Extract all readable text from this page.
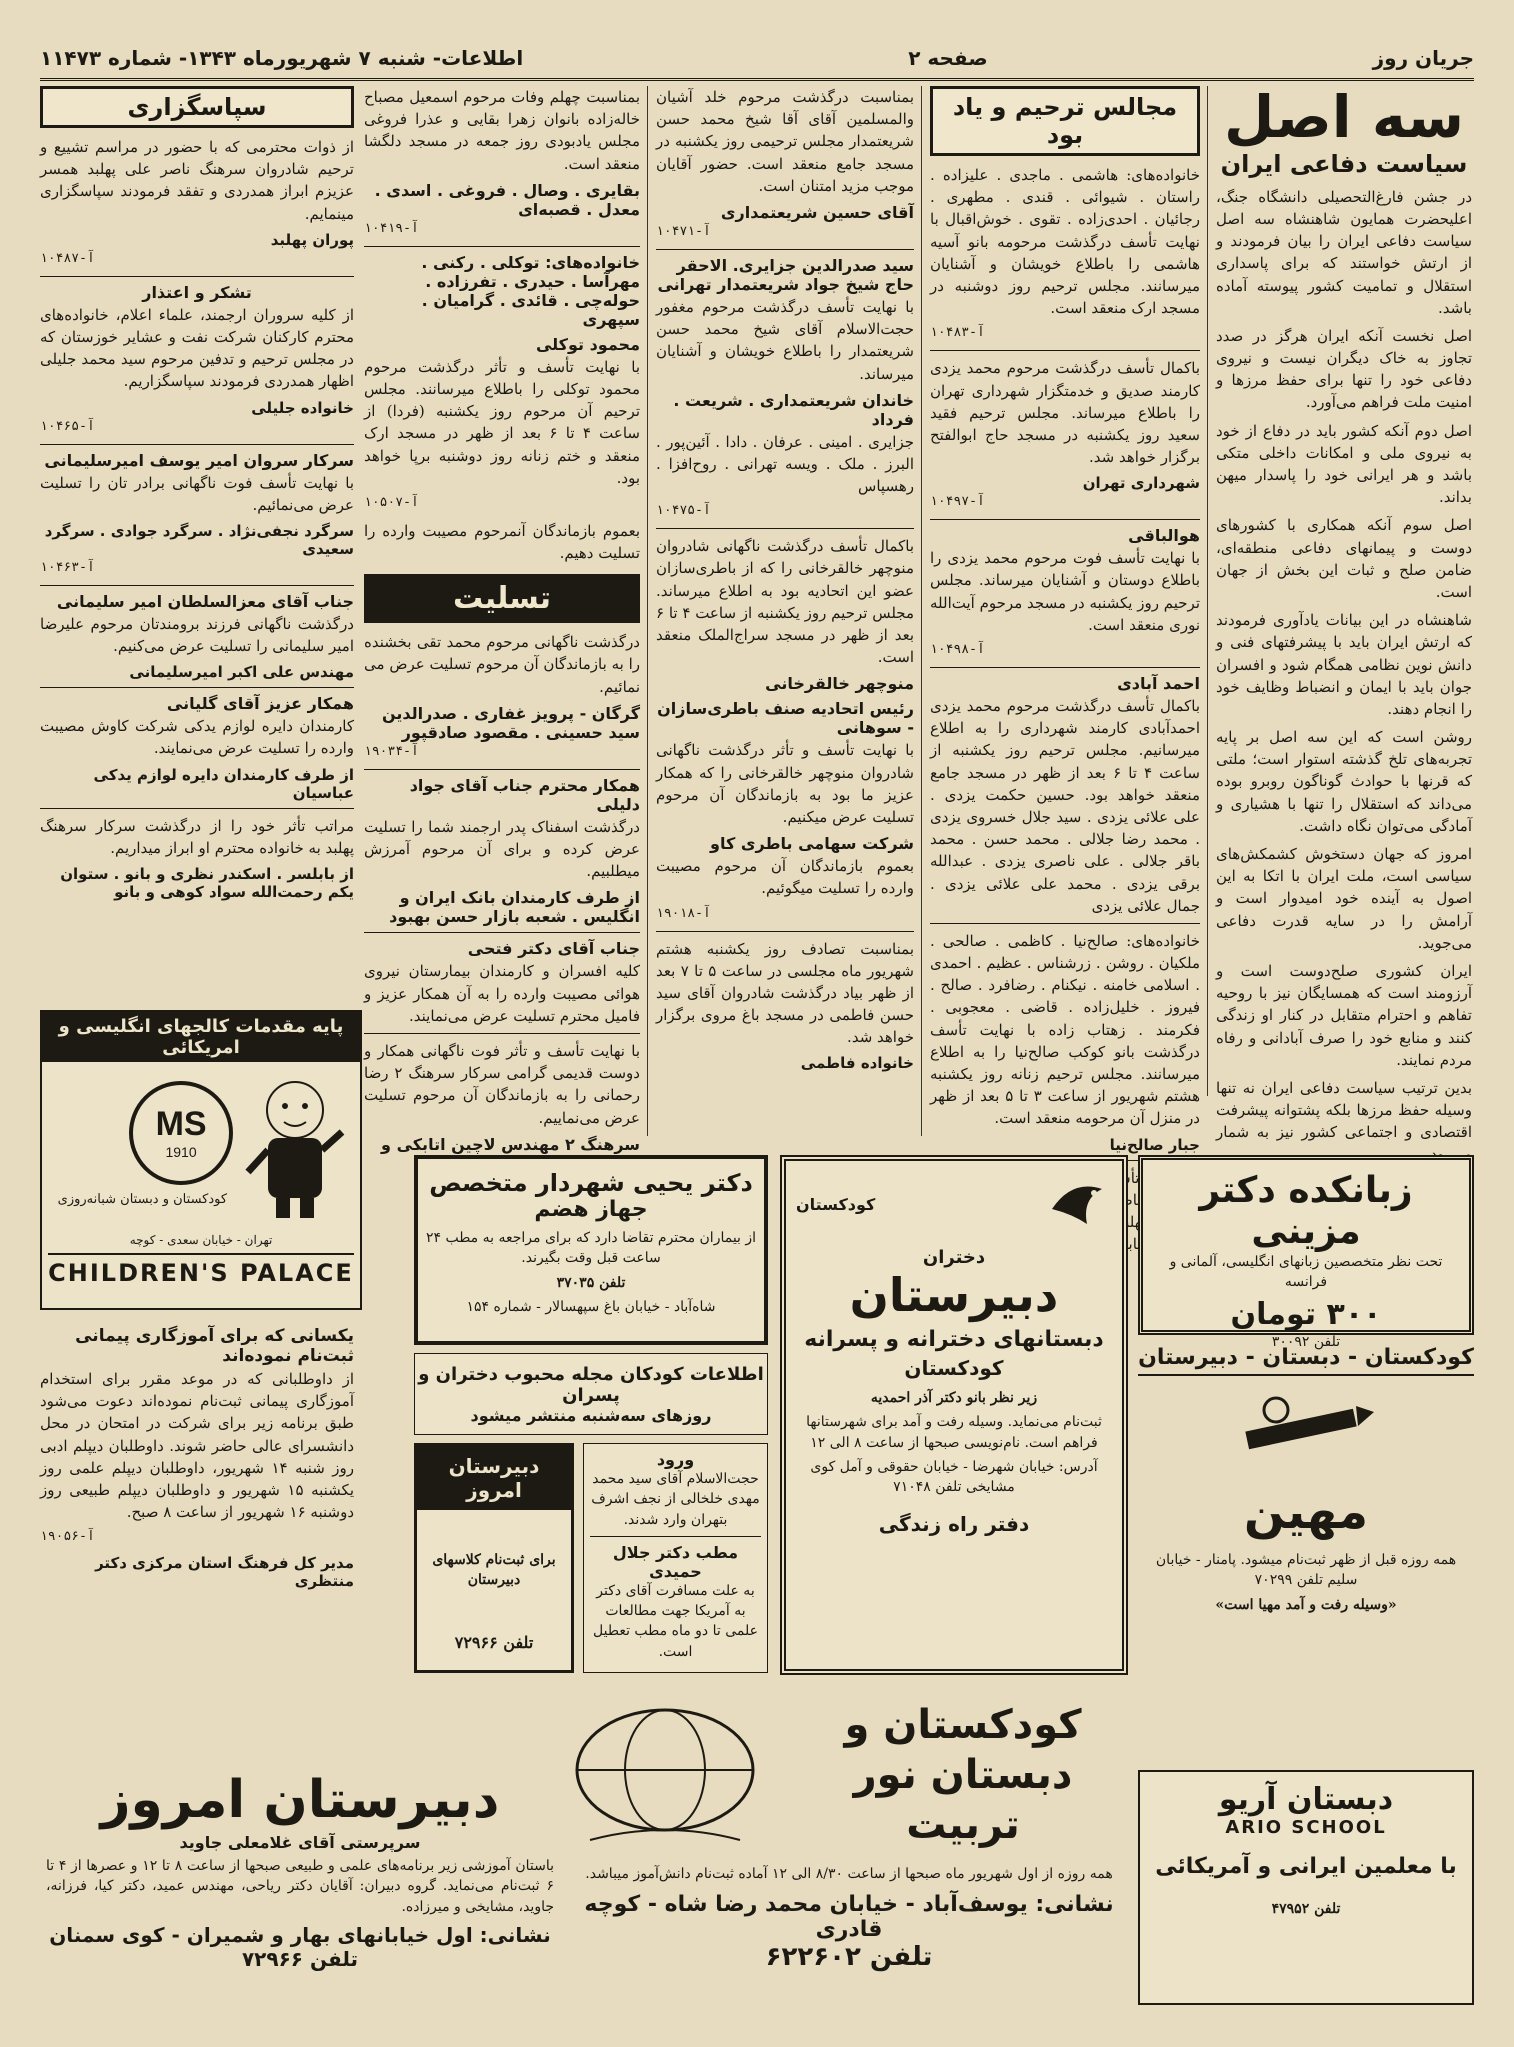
جریان روز
صفحه ۲
اطلاعات- شنبه ۷ شهریورماه ۱۳۴۳- شماره ۱۱۴۷۳
سه اصل
سیاست دفاعی ایران

در جشن فارغ‌التحصیلی دانشگاه جنگ، اعلیحضرت همایون شاهنشاه سه اصل سیاست دفاعی ایران را بیان فرمودند و از ارتش خواستند که برای پاسداری استقلال و تمامیت کشور پیوسته آماده باشد.

اصل نخست آنکه ایران هرگز در صدد تجاوز به خاک دیگران نیست و نیروی دفاعی خود را تنها برای حفظ مرزها و امنیت ملت فراهم می‌آورد.

اصل دوم آنکه کشور باید در دفاع از خود به نیروی ملی و امکانات داخلی متکی باشد و هر ایرانی خود را پاسدار میهن بداند.

اصل سوم آنکه همکاری با کشورهای دوست و پیمانهای دفاعی منطقه‌ای، ضامن صلح و ثبات این بخش از جهان است.

شاهنشاه در این بیانات یادآوری فرمودند که ارتش ایران باید با پیشرفتهای فنی و دانش نوین نظامی همگام شود و افسران جوان باید با ایمان و انضباط وظایف خود را انجام دهند.

روشن است که این سه اصل بر پایه تجربه‌های تلخ گذشته استوار است؛ ملتی که قرنها با حوادث گوناگون روبرو بوده می‌داند که استقلال را تنها با هشیاری و آمادگی می‌توان نگاه داشت.

امروز که جهان دستخوش کشمکش‌های سیاسی است، ملت ایران با اتکا به این اصول به آینده خود امیدوار است و آرامش را در سایه قدرت دفاعی می‌جوید.

ایران کشوری صلح‌دوست است و آرزومند است که همسایگان نیز با روحیه تفاهم و احترام متقابل در کنار او زندگی کنند و منابع خود را صرف آبادانی و رفاه مردم نمایند.

بدین ترتیب سیاست دفاعی ایران نه تنها وسیله حفظ مرزها بلکه پشتوانه پیشرفت اقتصادی و اجتماعی کشور نیز به شمار

مجالس ترحیم و یاد بود

خانواده‌های: هاشمی . ماجدی . علیزاده . راستان . شیوائی . قندی . مطهری . رجائیان . احدی‌زاده . تقوی . خوش‌اقبال با نهایت تأسف درگذشت مرحومه بانو آسیه هاشمی را باطلاع خویشان و آشنایان میرسانند. مجلس ترحیم روز دوشنبه در مسجد ارک منعقد است.

آ-۱۰۴۸۳

باکمال تأسف درگذشت مرحوم محمد یزدی کارمند صدیق و خدمتگزار شهرداری تهران را باطلاع میرساند. مجلس ترحیم فقید سعید روز یکشنبه در مسجد حاج ابوالفتح برگزار خواهد شد.

شهرداری تهران
آ-۱۰۴۹۷
هوالباقی

با نهایت تأسف فوت مرحوم محمد یزدی را باطلاع دوستان و آشنایان میرساند. مجلس ترحیم روز یکشنبه در مسجد مرحوم آیت‌الله نوری منعقد است.

آ-۱۰۴۹۸
احمد آبادی

باکمال تأسف درگذشت مرحوم محمد یزدی احمدآبادی کارمند شهرداری را به اطلاع میرسانیم. مجلس ترحیم روز یکشنبه از ساعت ۴ تا ۶ بعد از ظهر در مسجد جامع منعقد خواهد بود. حسین حکمت یزدی . علی علائی یزدی . سید جلال خسروی یزدی . محمد رضا جلالی . محمد حسن . محمد باقر جلالی . علی ناصری یزدی . عبدالله برقی یزدی . محمد علی علائی یزدی . جمال علائی یزدی

خانواده‌های: صالح‌نیا . کاظمی . صالحی . ملکیان . روشن . زرشناس . عظیم . احمدی . اسلامی خامنه . نیکنام . رضافرد . صالح . فیروز . خلیل‌زاده . قاضی . معجوبی . فکرمند . زهتاب زاده با نهایت تأسف درگذشت بانو کوکب صالح‌نیا را به اطلاع میرسانند. مجلس ترحیم زنانه روز یکشنبه هشتم شهریور از ساعت ۳ تا ۵ بعد از ظهر در منزل آن مرحومه منعقد است.

جبار صالح‌نیا

پهلبد بابل

بمناسبت درگذشت مرحوم خلد آشیان والمسلمین آقای آقا شیخ محمد حسن شریعتمدار مجلس ترحیمی روز یکشنبه در مسجد جامع منعقد است. حضور آقایان موجب مزید امتنان است.

آقای حسین شریعتمداری
آ-۱۰۴۷۱
سید صدرالدین جزایری. الاحقر حاج شیخ جواد شریعتمدار تهرانی

با نهایت تأسف درگذشت مرحوم مغفور حجت‌الاسلام آقای شیخ محمد حسن شریعتمدار را باطلاع خویشان و آشنایان میرساند.

خاندان شریعتمداری . شریعت . فرداد

جزایری . امینی . عرفان . دادا . آئین‌پور . البرز . ملک . ویسه تهرانی . روح‌افزا . رهسپاس

آ-۱۰۴۷۵

باکمال تأسف درگذشت ناگهانی شادروان منوچهر خالقرخانی را که از باطری‌سازان عضو این اتحادیه بود به اطلاع میرساند. مجلس ترحیم روز یکشنبه از ساعت ۴ تا ۶ بعد از ظهر در مسجد سراج‌الملک منعقد است.

منوچهر خالقرخانی
رئیس اتحادیه صنف باطری‌سازان - سوهانی

با نهایت تأسف و تأثر درگذشت ناگهانی شادروان منوچهر خالقرخانی را که همکار عزیز ما بود به بازماندگان آن مرحوم تسلیت عرض میکنیم.

شرکت سهامی باطری کاو

بعموم بازماندگان آن مرحوم مصیبت وارده را تسلیت میگوئیم.

آ-۱۹۰۱۸

بمناسبت تصادف روز یکشنبه هشتم شهریور ماه مجلسی در ساعت ۵ تا ۷ بعد از ظهر بیاد درگذشت شادروان آقای سید حسن فاطمی در مسجد باغ مروی برگزار خواهد شد.

خانواده فاطمی

بمناسبت چهلم وفات مرحوم اسمعیل مصباح خاله‌زاده بانوان زهرا بقایی و عذرا فروغی مجلس یادبودی روز جمعه در مسجد دلگشا منعقد است.

بقایری . وصال . فروغی . اسدی . معدل . قصبه‌ای
آ-۱۰۴۱۹
خانواده‌های: توکلی . رکنی . مهرآسا . حیدری . تفرزاده . حوله‌چی . قائدی . گرامیان . سپهری
محمود توکلی

با نهایت تأسف و تأثر درگذشت مرحوم محمود توکلی را باطلاع میرسانند. مجلس ترحیم آن مرحوم روز یکشنبه (فردا) از ساعت ۴ تا ۶ بعد از ظهر در مسجد ارک منعقد و ختم زنانه روز دوشنبه برپا خواهد بود.

آ-۱۰۵۰۷

بعموم بازماندگان آنمرحوم مصیبت وارده را تسلیت دهیم.

تسلیت

درگذشت ناگهانی مرحوم محمد تقی بخشنده را به بازماندگان آن مرحوم تسلیت عرض می نمائیم.

گرگان - پرویز غفاری . صدرالدین سید حسینی . مقصود صادقپور
آ-۱۹۰۳۴
همکار محترم جناب آقای جواد دلیلی

درگذشت اسفناک پدر ارجمند شما را تسلیت عرض کرده و برای آن مرحوم آمرزش میطلبیم.

از طرف کارمندان بانک ایران و انگلیس . شعبه بازار حسن بهبود
جناب آقای دکتر فتحی

کلیه افسران و کارمندان بیمارستان نیروی هوائی مصیبت وارده را به آن همکار عزیز و فامیل محترم تسلیت عرض می‌نمایند.

با نهایت تأسف و تأثر فوت ناگهانی همکار و دوست قدیمی گرامی سرکار سرهنگ ۲ رضا رحمانی را به بازماندگان آن مرحوم تسلیت عرض می‌نماییم.

سرهنگ ۲ مهندس لاچین اتابکی و
سپاسگزاری

از ذوات محترمی که با حضور در مراسم تشییع و ترحیم شادروان سرهنگ ناصر علی پهلبد همسر عزیزم ابراز همدردی و تفقد فرمودند سپاسگزاری مینمایم.

پوران پهلبد
آ-۱۰۴۸۷
تشکر و اعتذار

از کلیه سروران ارجمند، علماء اعلام، خانواده‌های محترم کارکنان شرکت نفت و عشایر خوزستان که در مجلس ترحیم و تدفین مرحوم سید محمد جلیلی اظهار همدردی فرمودند سپاسگزاریم.

خانواده جلیلی
آ-۱۰۴۶۵
سرکار سروان امیر یوسف امیرسلیمانی

با نهایت تأسف فوت ناگهانی برادر تان را تسلیت عرض می‌نمائیم.

سرگرد نجفی‌نژاد . سرگرد جوادی . سرگرد سعیدی
آ-۱۰۴۶۳
جناب آقای معزالسلطان امیر سلیمانی

درگذشت ناگهانی فرزند برومندتان مرحوم علیرضا امیر سلیمانی را تسلیت عرض می‌کنیم.

مهندس علی اکبر امیرسلیمانی
همکار عزیز آقای گلیانی

کارمندان دایره لوازم یدکی شرکت کاوش مصیبت وارده را تسلیت عرض می‌نمایند.

از طرف کارمندان دایره لوازم یدکی عباسیان

مراتب تأثر خود را از درگذشت سرکار سرهنگ پهلبد به خانواده محترم او ابراز میداریم.

از بابلسر . اسکندر نظری و بانو . ستوان یکم رحمت‌الله سواد کوهی و بانو
پایه مقدمات کالجهای انگلیسی و امریکائی
MS
1910

کودکستان و دبستان شبانه‌روزی

تهران - خیابان سعدی - کوچه

CHILDREN'S PALACE
یکسانی که برای آموزگاری پیمانی ثبت‌نام نموده‌اند

از داوطلبانی که در موعد مقرر برای استخدام آموزگاری پیمانی ثبت‌نام نموده‌اند دعوت می‌شود طبق برنامه زیر برای شرکت در امتحان در محل دانشسرای عالی حاضر شوند. داوطلبان دیپلم ادبی روز شنبه ۱۴ شهریور، داوطلبان دیپلم علمی روز یکشنبه ۱۵ شهریور و داوطلبان دیپلم طبیعی روز دوشنبه ۱۶ شهریور از ساعت ۸ صبح.

آ-۱۹۰۵۶
مدیر کل فرهنگ استان مرکزی دکتر منتظری
دکتر یحیی شهردار متخصص
جهاز هضم

از بیماران محترم تقاضا دارد که برای مراجعه به مطب ۲۴ ساعت قبل وقت بگیرند.

تلفن ۳۷۰۳۵

شاه‌آباد - خیابان باغ سپهسالار - شماره ۱۵۴

اطلاعات کودکان مجله محبوب دختران و پسران
روزهای سه‌شنبه منتشر میشود
ورود

حجت‌الاسلام آقای سید محمد مهدی خلخالی از نجف اشرف بتهران وارد شدند.

مطب دکتر جلال حمیدی

به علت مسافرت آقای دکتر به آمریکا جهت مطالعات علمی تا دو ماه مطب تعطیل است.

دبیرستان امروز

برای ثبت‌نام کلاسهای دبیرستان

تلفن ۷۲۹۶۶

کودکستان
دختران
دبیرستان
دبستانهای دخترانه و پسرانه
کودکستان

زیر نظر بانو دکتر آذر احمدیه

ثبت‌نام می‌نماید. وسیله رفت و آمد برای شهرستانها فراهم است. نام‌نویسی صبحها از ساعت ۸ الی ۱۲

آدرس: خیابان شهرضا - خیابان حقوقی و آمل کوی مشایخی تلفن ۷۱۰۴۸

دفتر راه زندگی
زبانکده دکتر مزینی

تحت نظر متخصصین زبانهای انگلیسی، آلمانی و فرانسه

۳۰۰ تومان

تلفن ۳۰۰۹۲

کودکستان - دبستان - دبیرستان
مهین

همه روزه قبل از ظهر ثبت‌نام میشود. پامنار - خیابان سلیم تلفن ۷۰۲۹۹

«وسیله رفت و آمد مهیا است»

دبیرستان امروز
سرپرستی آقای غلامعلی جاوید

باستان آموزشی زیر برنامه‌های علمی و طبیعی صبحها از ساعت ۸ تا ۱۲ و عصرها از ۴ تا ۶ ثبت‌نام می‌نماید. گروه دبیران: آقایان دکتر ریاحی، مهندس عمید، دکتر کیا، فرزانه، جاوید، مشایخی و میرزاده.

نشانی: اول خیابانهای بهار و شمیران - کوی سمنان تلفن ۷۲۹۶۶
کودکستان و دبستان نور تربیت

همه روزه از اول شهریور ماه صبحها از ساعت ۸/۳۰ الی ۱۲ آماده ثبت‌نام دانش‌آموز میباشد.

نشانی: یوسف‌آباد - خیابان محمد رضا شاه - کوچه قادری
تلفن ۶۲۲۶۰۲
دبستان آریو
ARIO SCHOOL
با معلمین ایرانی و آمریکائی

تلفن ۴۷۹۵۲
